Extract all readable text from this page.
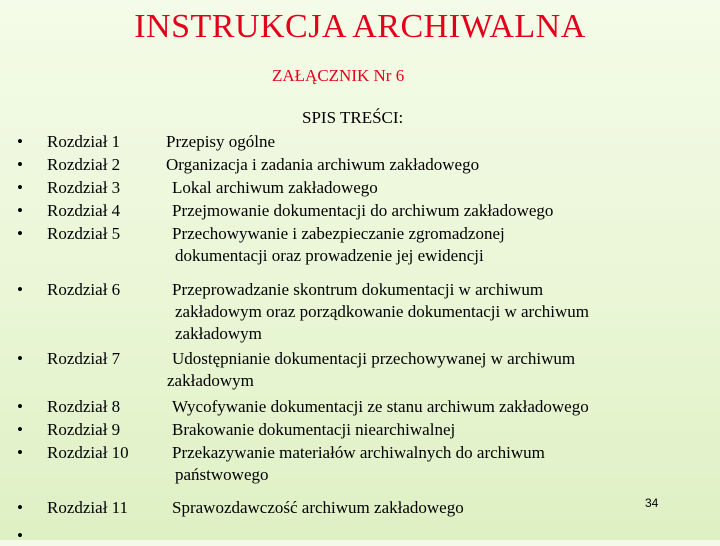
INSTRUKCJA ARCHIWALNA
ZAŁĄCZNIK Nr 6
SPIS TREŚCI:
• Rozdział 1	Przepisy ogólne
• Rozdział 2	Organizacja i zadania archiwum zakładowego
• Rozdział 3	Lokal archiwum zakładowego
• Rozdział 4	Przejmowanie dokumentacji do archiwum zakładowego
• Rozdział 5	Przechowywanie i zabezpieczanie zgromadzonej
dokumentacji oraz prowadzenie jej ewidencji
• Rozdział 6	Przeprowadzanie skontrum dokumentacji w archiwum
zakładowym oraz porządkowanie dokumentacji w archiwum
zakładowym
• Rozdział 7	Udostępnianie dokumentacji przechowywanej w archiwum
zakładowym
• Rozdział 8	Wycofywanie dokumentacji ze stanu archiwum zakładowego
• Rozdział 9	Brakowanie dokumentacji niearchiwalnej
• Rozdział 10	Przekazywanie materiałów archiwalnych do archiwum
państwowego
• Rozdział 11	Sprawozdawczość archiwum zakładowego	34
•
